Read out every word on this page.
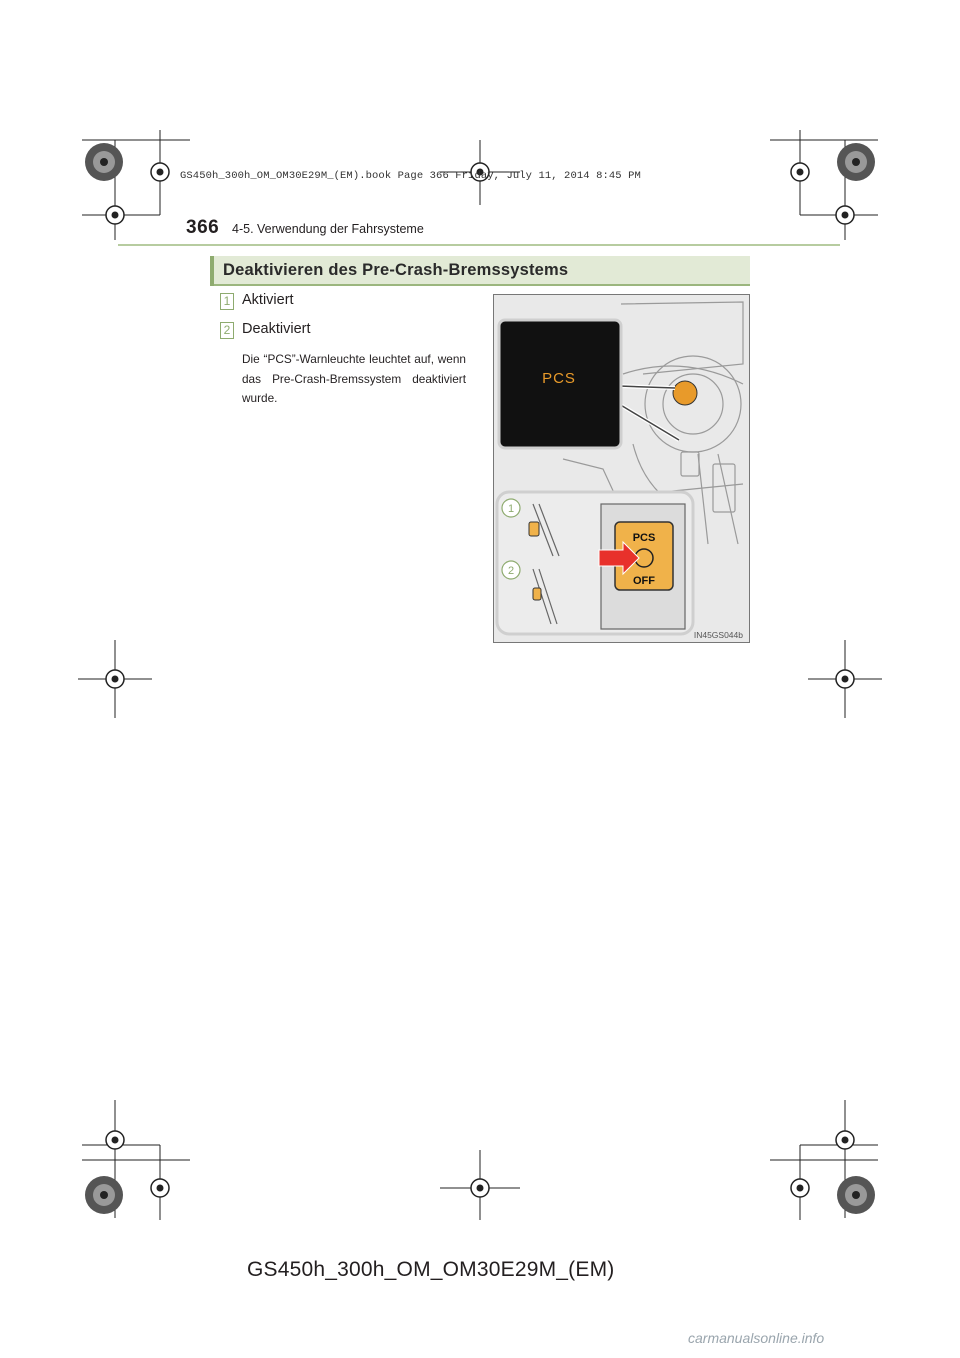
GS450h_300h_OM_OM30E29M_(EM).book Page 366 Friday, July 11, 2014 8:45 PM
366 4-5. Verwendung der Fahrsysteme
Deaktivieren des Pre-Crash-Bremssystems
1 Aktiviert
2 Deaktiviert
Die “PCS”-Warnleuchte leuchtet auf, wenn das Pre-Crash-Bremssystem deaktiviert wurde.
PCS
PCS
OFF
1
2
IN45GS044b
GS450h_300h_OM_OM30E29M_(EM)
carmanualsonline.info
